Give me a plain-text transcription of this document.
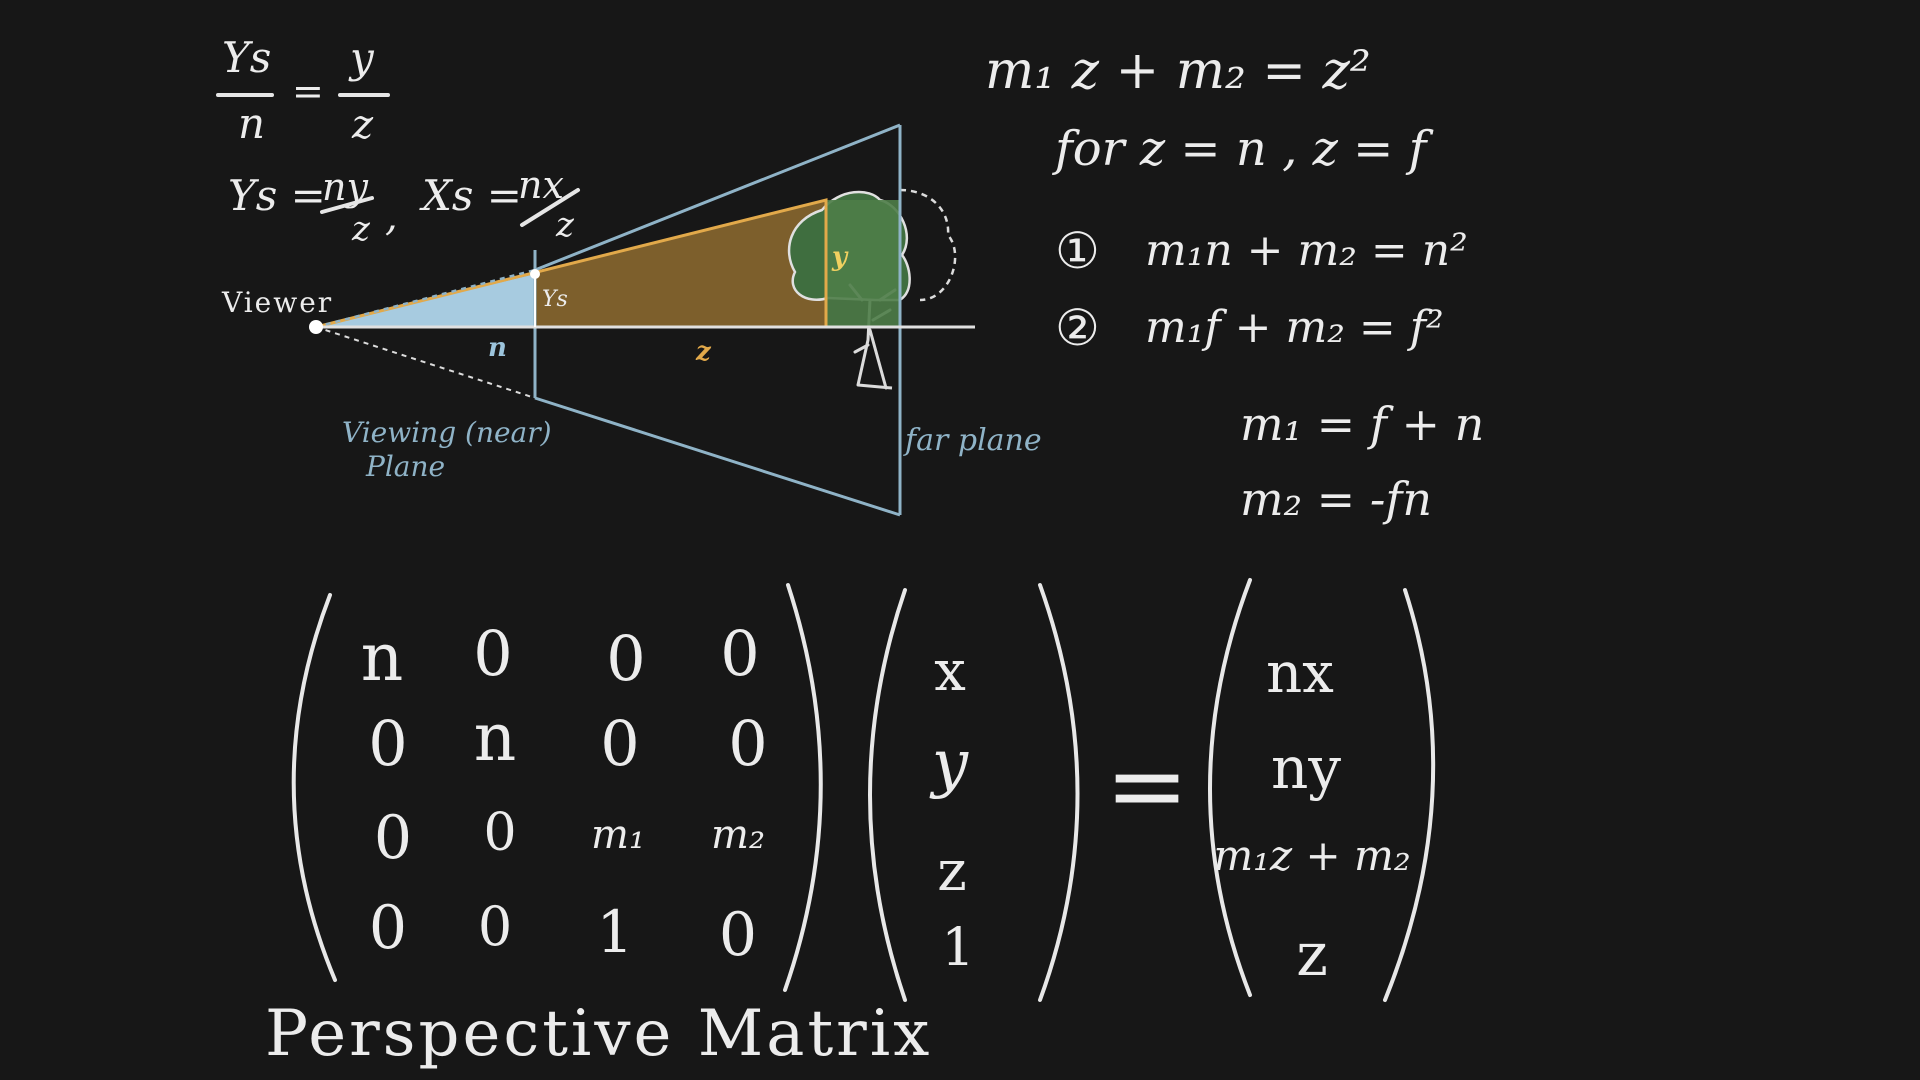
Ys
n
=
y
z
Ys =
ny
z , Xs =
nx
z
Viewer
n	z
Ys
y
Viewing (near)
Plane
far plane
m₁ z + m₂ = z²
for z = n , z = f
① m₁n + m₂ = n²
② m₁f + m₂ = f²
m₁ = f + n
m₂ = -fn
n 0 0 0
0 n 0 0
0 0 m₁ m₂
0 0 1 0
x
y
z
1
=
nx
ny
m₁z + m₂
z
Perspective Matrix
